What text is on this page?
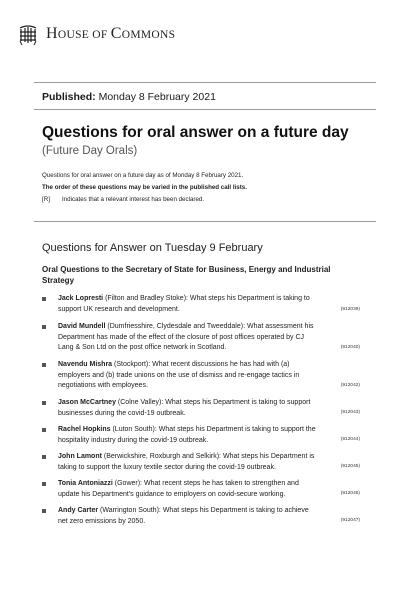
HOUSE OF COMMONS
Published: Monday 8 February 2021
Questions for oral answer on a future day
(Future Day Orals)
Questions for oral answer on a future day as of Monday 8 February 2021.
The order of these questions may be varied in the published call lists.
[R] Indicates that a relevant interest has been declared.
Questions for Answer on Tuesday 9 February
Oral Questions to the Secretary of State for Business, Energy and Industrial Strategy
Jack Lopresti (Filton and Bradley Stoke): What steps his Department is taking to
support UK research and development.	(912039)
David Mundell (Dumfriesshire, Clydesdale and Tweeddale): What assessment his
Department has made of the effect of the closure of post offices operated by CJ
Lang & Son Ltd on the post office network in Scotland.	(912040)
Navendu Mishra (Stockport): What recent discussions he has had with (a)
employers and (b) trade unions on the use of dismiss and re-engage tactics in
negotiations with employees.	(912042)
Jason McCartney (Colne Valley): What steps his Department is taking to support
businesses during the covid-19 outbreak.	(912043)
Rachel Hopkins (Luton South): What steps his Department is taking to support the
hospitality industry during the covid-19 outbreak.	(912044)
John Lamont (Berwickshire, Roxburgh and Selkirk): What steps his Department is
taking to support the luxury textile sector during the covid-19 outbreak.	(912045)
Tonia Antoniazzi (Gower): What recent steps he has taken to strengthen and
update his Department's guidance to employers on covid-secure working.	(912046)
Andy Carter (Warrington South): What steps his Department is taking to achieve
net zero emissions by 2050.	(912047)
